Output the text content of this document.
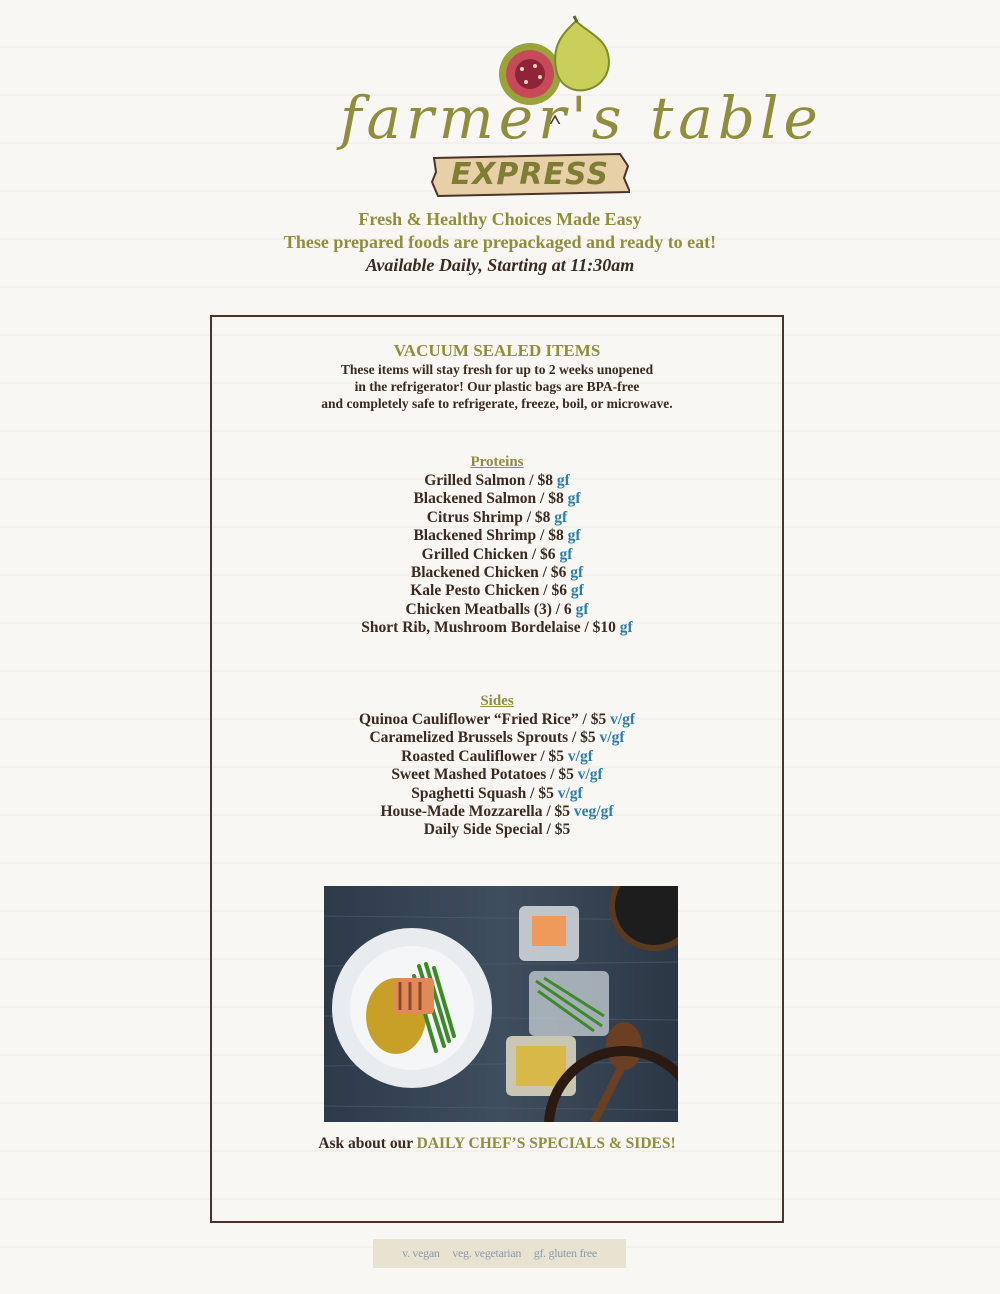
farmer's table
EXPRESS
Fresh & Healthy Choices Made Easy
These prepared foods are prepackaged and ready to eat!
Available Daily, Starting at 11:30am
VACUUM SEALED ITEMS
These items will stay fresh for up to 2 weeks unopened
in the refrigerator! Our plastic bags are BPA-free
and completely safe to refrigerate, freeze, boil, or microwave.
Proteins
Grilled Salmon / $8 gf
Blackened Salmon / $8 gf
Citrus Shrimp / $8 gf
Blackened Shrimp / $8 gf
Grilled Chicken / $6 gf
Blackened Chicken / $6 gf
Kale Pesto Chicken / $6 gf
Chicken Meatballs (3) / 6 gf
Short Rib, Mushroom Bordelaise / $10 gf
Sides
Quinoa Cauliflower “Fried Rice” / $5 v/gf
Caramelized Brussels Sprouts / $5 v/gf
Roasted Cauliflower / $5 v/gf
Sweet Mashed Potatoes / $5 v/gf
Spaghetti Squash / $5 v/gf
House-Made Mozzarella / $5 veg/gf
Daily Side Special / $5
Ask about our DAILY CHEF’S SPECIALS & SIDES!
v. vegan veg. vegetarian gf. gluten free
